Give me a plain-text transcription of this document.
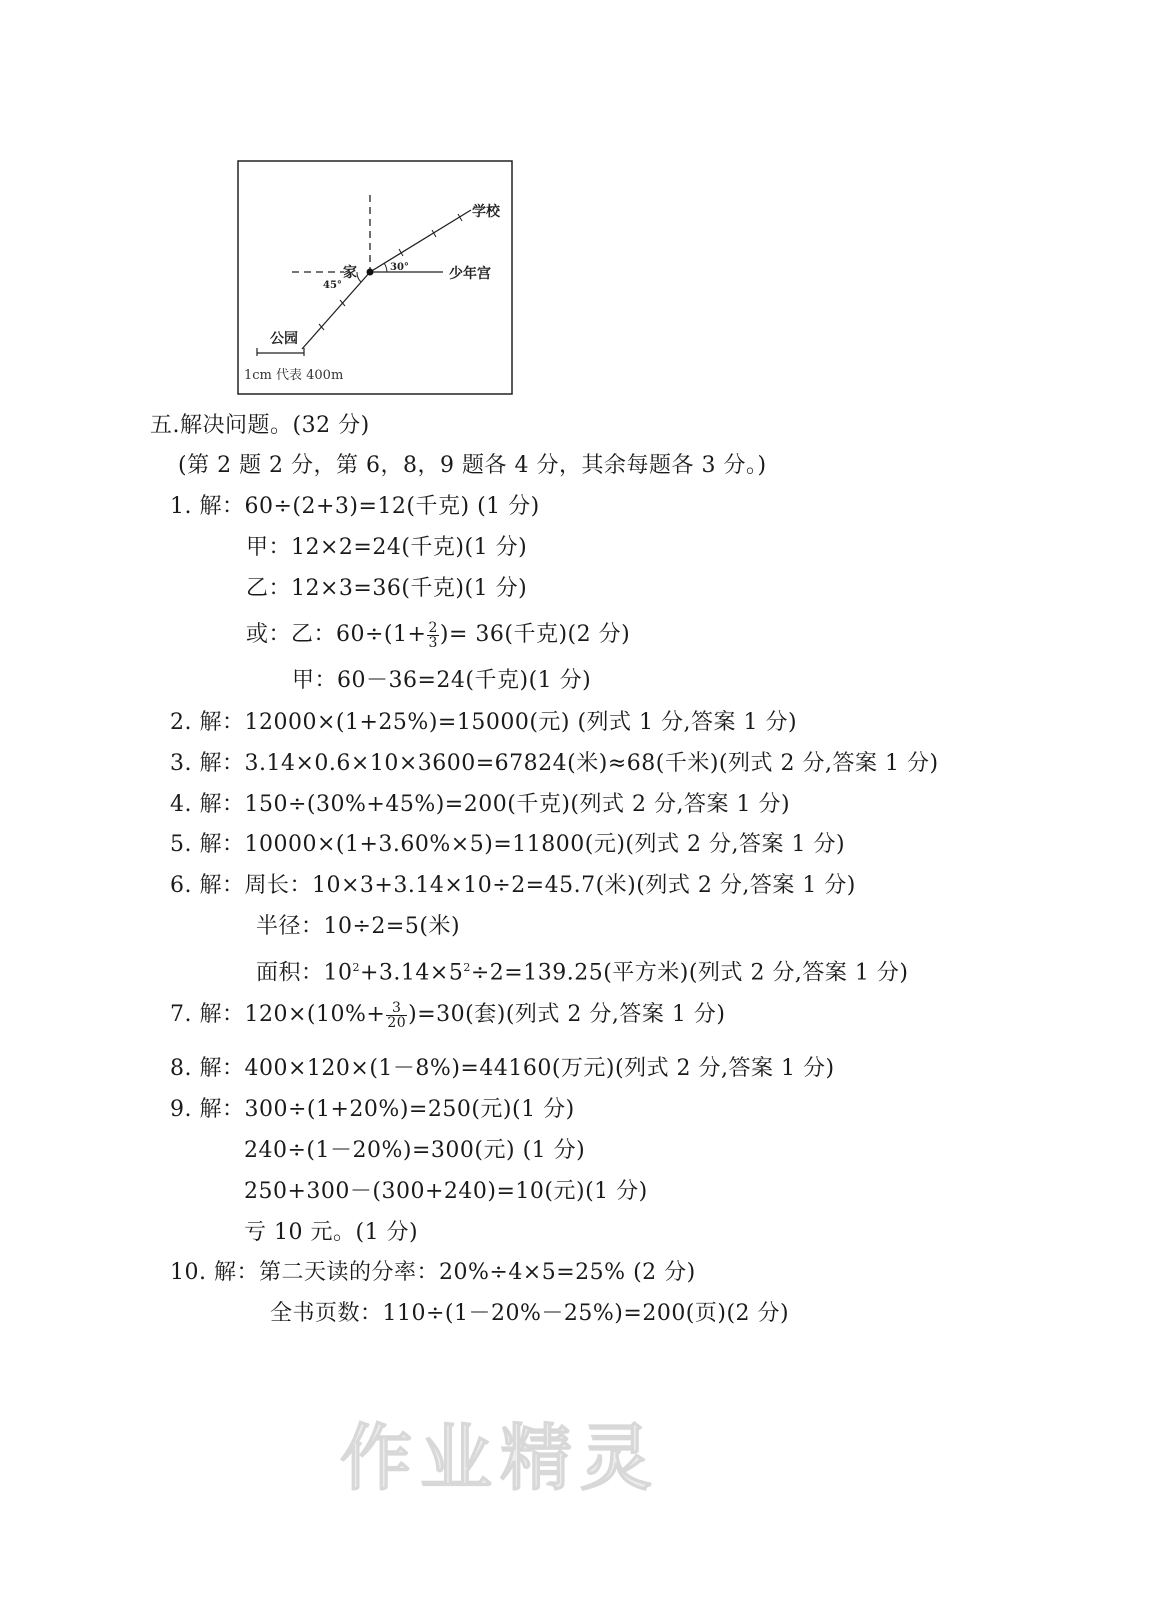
学校
家	少年宫
公园
30°
45°
1cm 代表 400m
五.解决问题。(32 分)
(第 2 题 2 分，第 6，8，9 题各 4 分，其余每题各 3 分。)
1. 解：60÷(2+3)=12(千克) (1 分)
甲：12×2=24(千克)(1 分)
乙：12×3=36(千克)(1 分)
或：乙：$60\div(1+ \frac{2}{3}$ )= 36(千克)(2 分)
甲：60－36=24(千克)(1 分)
2. 解：12000×(1+25%)=15000(元) (列式 1 分,答案 1 分)
3. 解：3.14×0.6×10×3600=67824(米)≈68(千米)(列式 2 分,答案 1 分)
4. 解：150÷(30%+45%)=200(千克)(列式 2 分,答案 1 分)
5. 解：10000×(1+3.60%×5)=11800(元)(列式 2 分,答案 1 分)
6. 解：周长：10×3+3.14×10÷2=45.7(米)(列式 2 分,答案 1 分)
半径：10÷2=5(米)
面积：$10^2+3.14\times 5^2\div 2=139.25$(平方米)(列式 2 分,答案 1 分)
7. 解：$120\times(10\%+ \frac{3}{20} )=30$(套)(列式 2 分,答案 1 分)
8. 解：400×120×(1－8%)=44160(万元)(列式 2 分,答案 1 分)
9. 解：300÷(1+20%)=250(元)(1 分)
240÷(1－20%)=300(元) (1 分)
250+300－(300+240)=10(元)(1 分)
亏 10 元。(1 分)
10. 解：第二天读的分率：20%÷4×5=25% (2 分)
全书页数：110÷(1－20%－25%)=200(页)(2 分)
作业精灵
